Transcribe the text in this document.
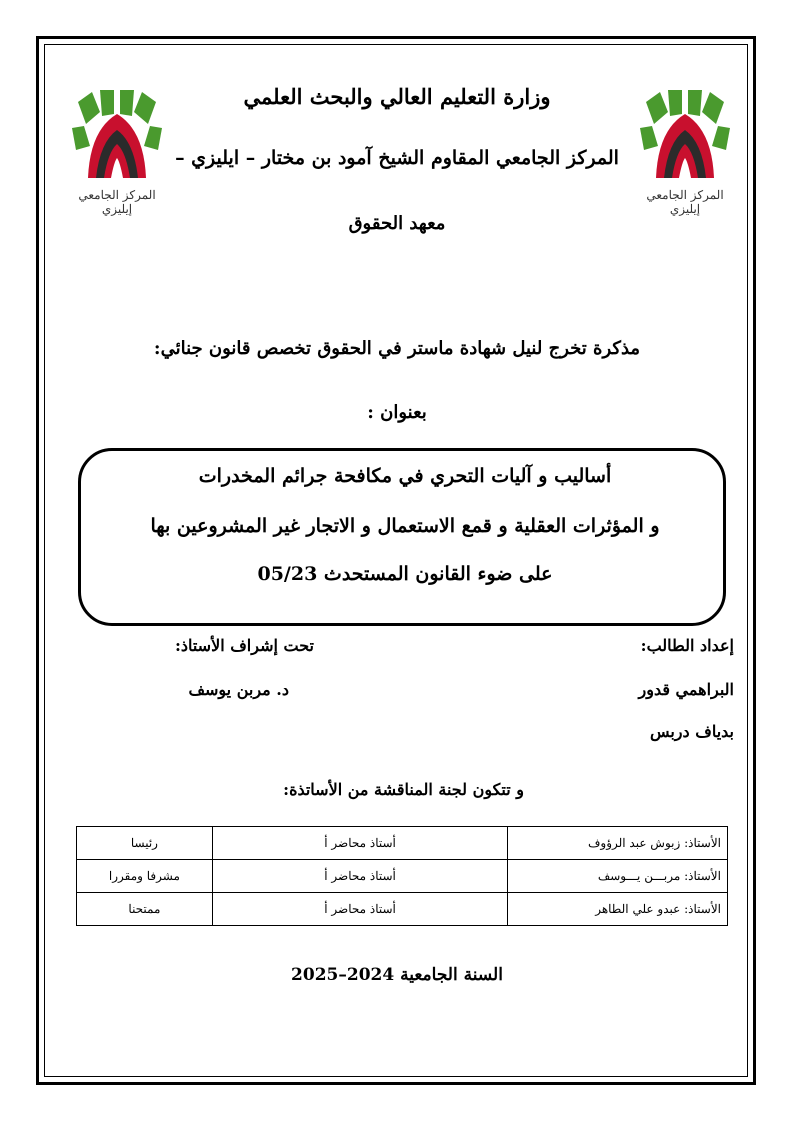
المركز الجامعي إيليزي
المركز الجامعي إيليزي
وزارة التعليم العالي والبحث العلمي
المركز الجامعي المقاوم الشيخ آمود بن مختار – ايليزي –
معهد الحقوق
مذكرة تخرج لنيل شهادة ماستر في الحقوق تخصص قانون جنائي:
بعنوان :
أساليب و آليات التحري في مكافحة جرائم المخدرات
و المؤثرات العقلية و قمع الاستعمال و الاتجار غير المشروعين بها
على ضوء القانون المستحدث 05/23
إعداد الطالب:
تحت إشراف الأستاذ:
البراهمي قدور
د. مربن يوسف
بدياف دربس
و تتكون لجنة المناقشة من الأساتذة:
الأستاذ: زبوش عبد الرؤوف	أستاذ محاضر أ	رئيسا
الأستاذ: مربـــن يـــوسف	أستاذ محاضر أ	مشرفا ومقررا
الأستاذ: عبدو علي الطاهر	أستاذ محاضر أ	ممتحنا
السنة الجامعية 2024–2025
